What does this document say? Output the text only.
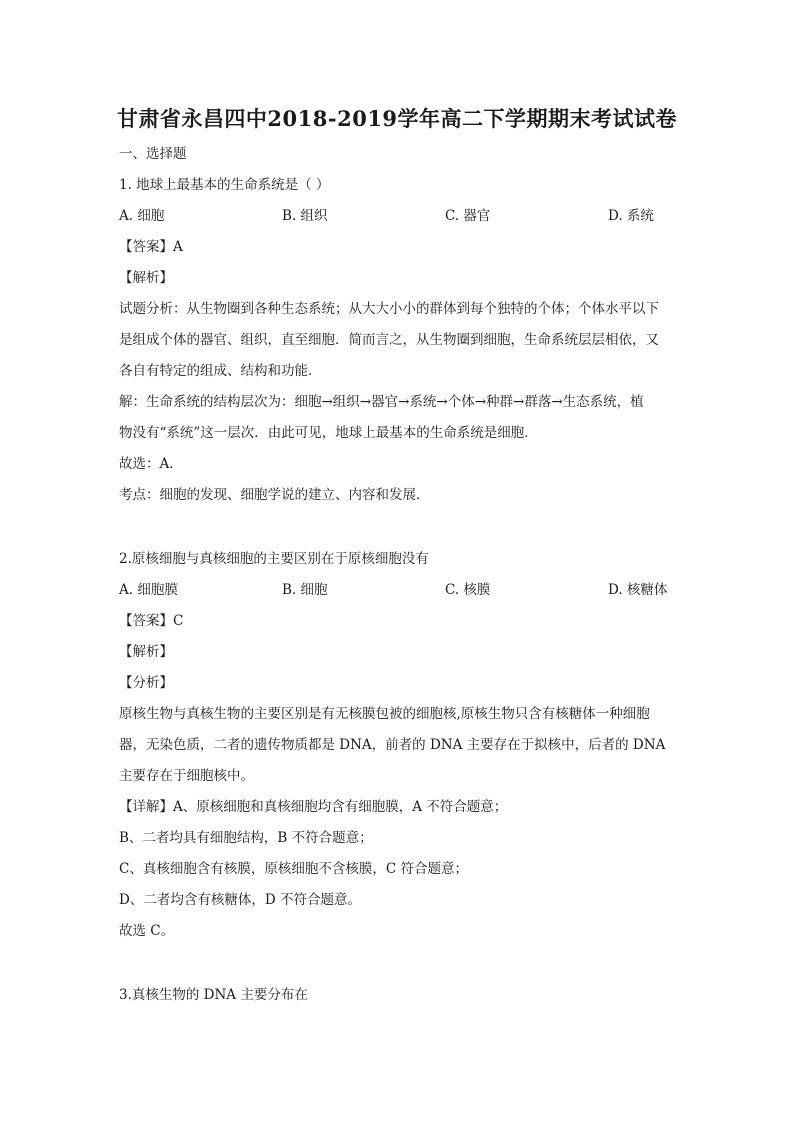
甘肃省永昌四中2018-2019学年高二下学期期末考试试卷
一、选择题
1. 地球上最基本的生命系统是（ ）
A. 细胞	B. 组织	C. 器官	D. 系统
【答案】A
【解析】
试题分析：从生物圈到各种生态系统；从大大小小的群体到每个独特的个体；个体水平以下
是组成个体的器官、组织，直至细胞．简而言之，从生物圈到细胞，生命系统层层相依，又
各自有特定的组成、结构和功能．
解：生命系统的结构层次为：细胞→组织→器官→系统→个体→种群→群落→生态系统，植
物没有“系统”这一层次．由此可见，地球上最基本的生命系统是细胞．
故选：A．
考点：细胞的发现、细胞学说的建立、内容和发展．
2.原核细胞与真核细胞的主要区别在于原核细胞没有
A. 细胞膜	B. 细胞	C. 核膜	D. 核糖体
【答案】C
【解析】
【分析】
原核生物与真核生物的主要区别是有无核膜包被的细胞核,原核生物只含有核糖体一种细胞
器，无染色质，二者的遗传物质都是 DNA，前者的 DNA 主要存在于拟核中，后者的 DNA
主要存在于细胞核中。
【详解】A、原核细胞和真核细胞均含有细胞膜，A 不符合题意；
B、二者均具有细胞结构，B 不符合题意；
C、真核细胞含有核膜，原核细胞不含核膜，C 符合题意；
D、二者均含有核糖体，D 不符合题意。
故选 C。
3.真核生物的 DNA 主要分布在
